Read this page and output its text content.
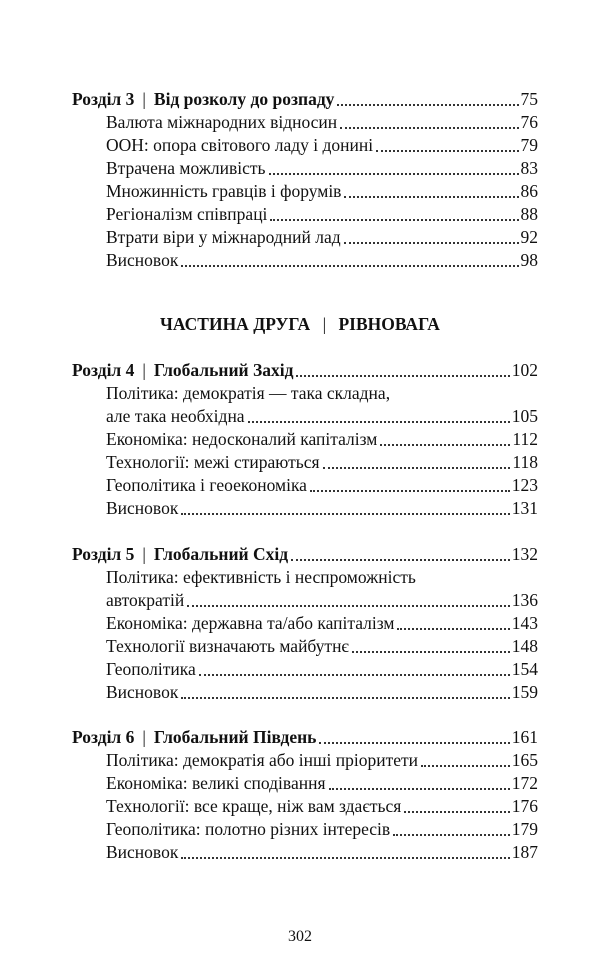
Розділ 3 | Від розколу до розпаду	75
Валюта міжнародних відносин	76
ООН: опора світового ладу і донині	79
Втрачена можливість	83
Множинність гравців і форумів	86
Регіоналізм співпраці	88
Втрати віри у міжнародний лад	92
Висновок	98
ЧАСТИНА ДРУГА | РІВНОВАГА
Розділ 4 | Глобальний Захід	102
Політика: демократія — така складна,
але така необхідна	105
Економіка: недосконалий капіталізм	112
Технології: межі стираються	118
Геополітика і геоекономіка	123
Висновок	131
Розділ 5 | Глобальний Схід	132
Політика: ефективність і неспроможність
автократій	136
Економіка: державна та/або капіталізм	143
Технології визначають майбутнє	148
Геополітика	154
Висновок	159
Розділ 6 | Глобальний Південь	161
Політика: демократія або інші пріоритети	165
Економіка: великі сподівання	172
Технології: все краще, ніж вам здається	176
Геополітика: полотно різних інтересів	179
Висновок	187
302
